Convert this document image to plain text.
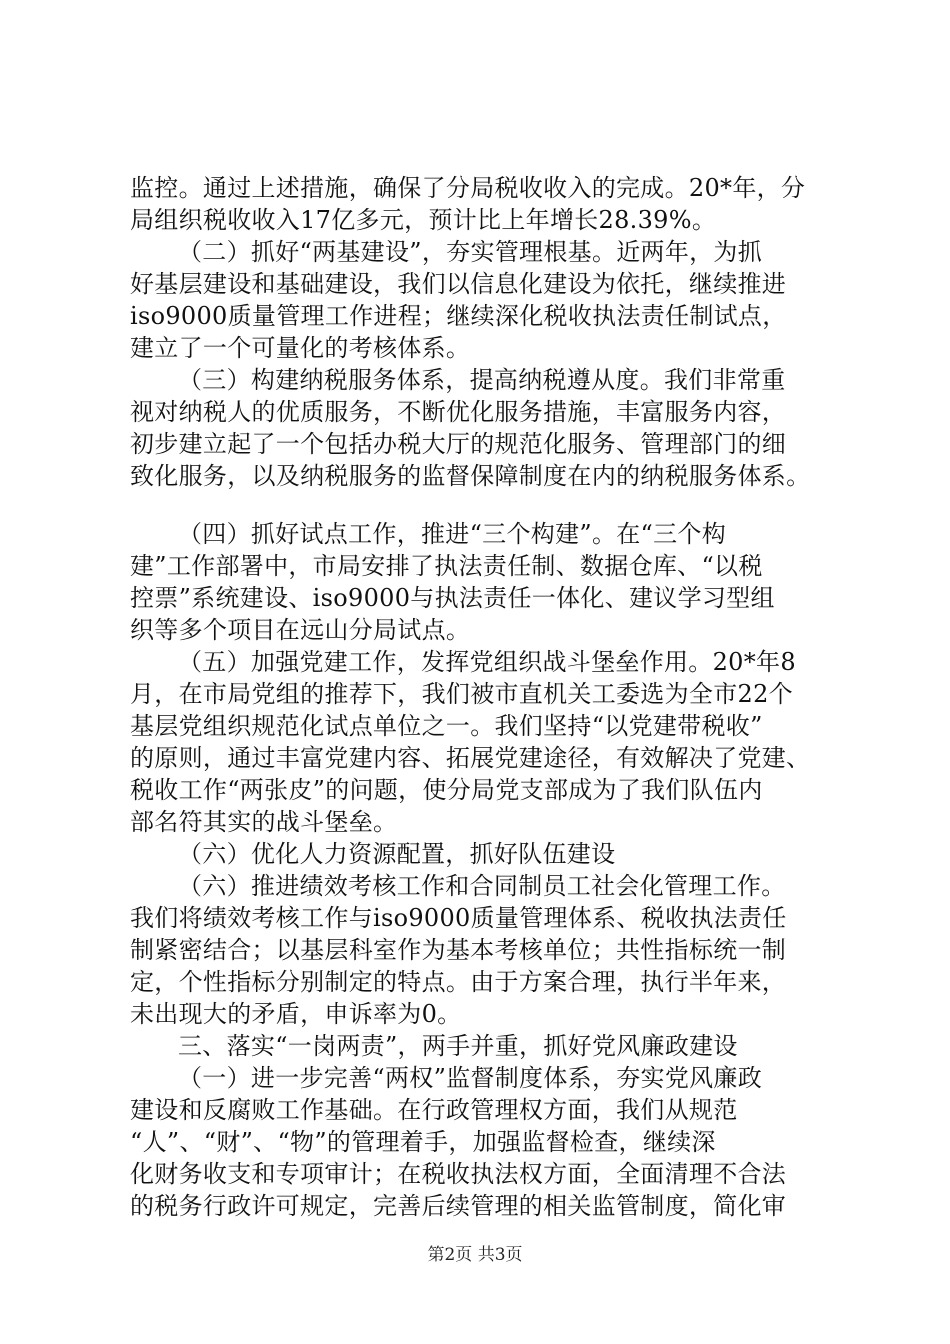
监控。通过上述措施，确保了分局税收收入的完成。20*年，分
局组织税收收入17亿多元，预计比上年增长28.39%。
（二）抓好“两基建设”，夯实管理根基。近两年，为抓
好基层建设和基础建设，我们以信息化建设为依托，继续推进
iso9000质量管理工作进程；继续深化税收执法责任制试点，
建立了一个可量化的考核体系。
（三）构建纳税服务体系，提高纳税遵从度。我们非常重
视对纳税人的优质服务，不断优化服务措施，丰富服务内容，
初步建立起了一个包括办税大厅的规范化服务、管理部门的细
致化服务，以及纳税服务的监督保障制度在内的纳税服务体系。
（四）抓好试点工作，推进“三个构建”。在“三个构
建”工作部署中，市局安排了执法责任制、数据仓库、“以税
控票”系统建设、iso9000与执法责任一体化、建议学习型组
织等多个项目在远山分局试点。
（五）加强党建工作，发挥党组织战斗堡垒作用。20*年8
月，在市局党组的推荐下，我们被市直机关工委选为全市22个
基层党组织规范化试点单位之一。我们坚持“以党建带税收”
的原则，通过丰富党建内容、拓展党建途径，有效解决了党建、
税收工作“两张皮”的问题，使分局党支部成为了我们队伍内
部名符其实的战斗堡垒。
（六）优化人力资源配置，抓好队伍建设
（六）推进绩效考核工作和合同制员工社会化管理工作。
我们将绩效考核工作与iso9000质量管理体系、税收执法责任
制紧密结合；以基层科室作为基本考核单位；共性指标统一制
定，个性指标分别制定的特点。由于方案合理，执行半年来，
未出现大的矛盾，申诉率为0。
三、落实“一岗两责”，两手并重，抓好党风廉政建设
（一）进一步完善“两权”监督制度体系，夯实党风廉政
建设和反腐败工作基础。在行政管理权方面，我们从规范
“人”、“财”、“物”的管理着手，加强监督检查，继续深
化财务收支和专项审计；在税收执法权方面，全面清理不合法
的税务行政许可规定，完善后续管理的相关监管制度，简化审
第2页 共3页
